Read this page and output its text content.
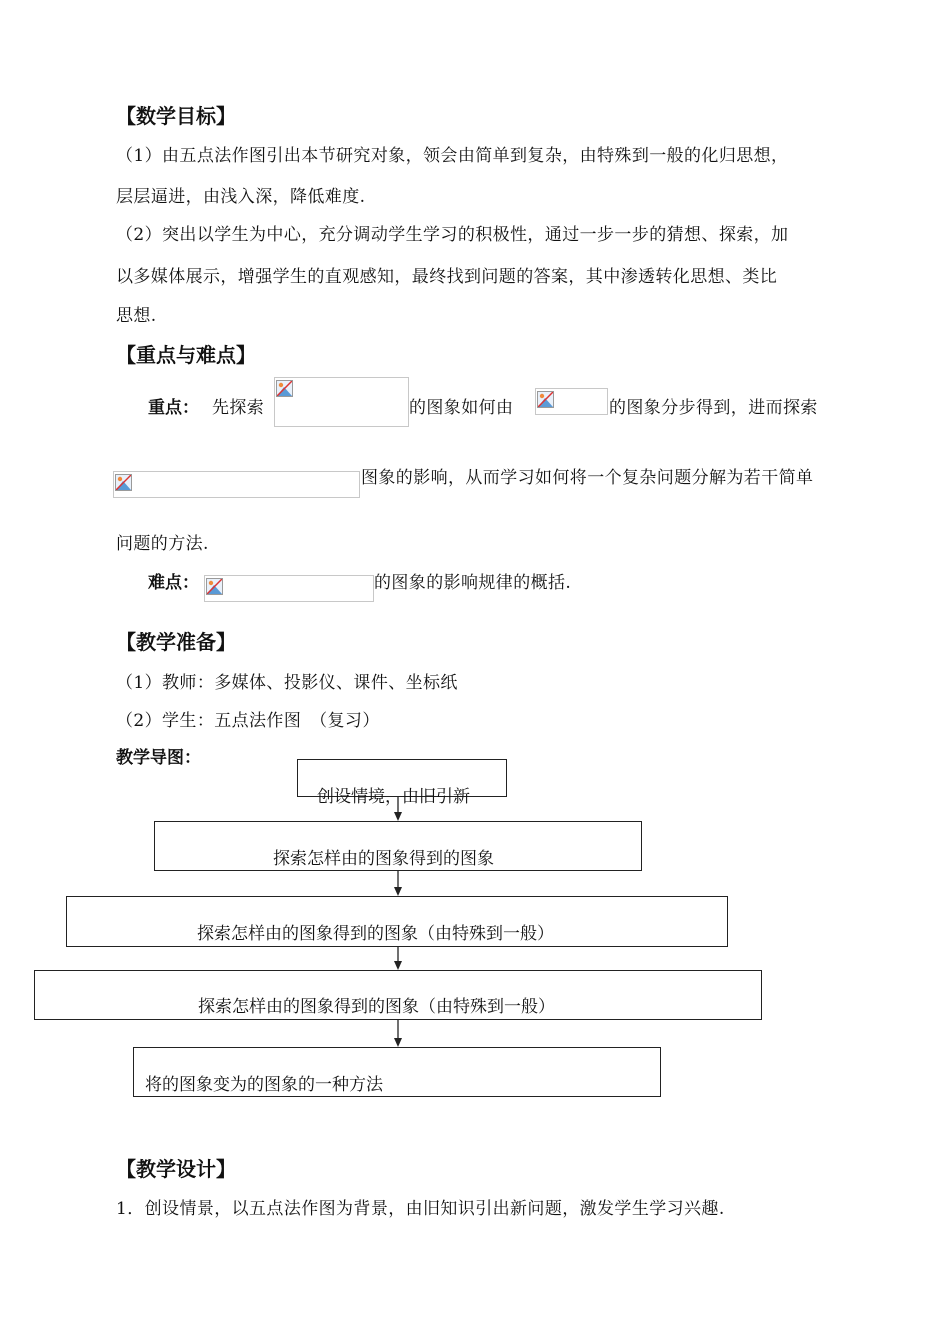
【数学目标】
（1）由五点法作图引出本节研究对象，领会由简单到复杂，由特殊到一般的化归思想，
层层逼进，由浅入深，降低难度.
（2）突出以学生为中心，充分调动学生学习的积极性，通过一步一步的猜想、探索，加
以多媒体展示，增强学生的直观感知，最终找到问题的答案，其中渗透转化思想、类比
思想.
【重点与难点】
重点： 先探索	的图象如何由	的图象分步得到，进而探索
图象的影响，从而学习如何将一个复杂问题分解为若干简单
问题的方法.
难点：	的图象的影响规律的概括.
【教学准备】
（1）教师：多媒体、投影仪、课件、坐标纸
（2）学生：五点法作图　（复习）
教学导图：
创设情境，由旧引新
探索怎样由的图象得到的图象
探索怎样由的图象得到的图象（由特殊到一般）
探索怎样由的图象得到的图象（由特殊到一般）
将的图象变为的图象的一种方法
【教学设计】
1．创设情景，以五点法作图为背景，由旧知识引出新问题，激发学生学习兴趣.
